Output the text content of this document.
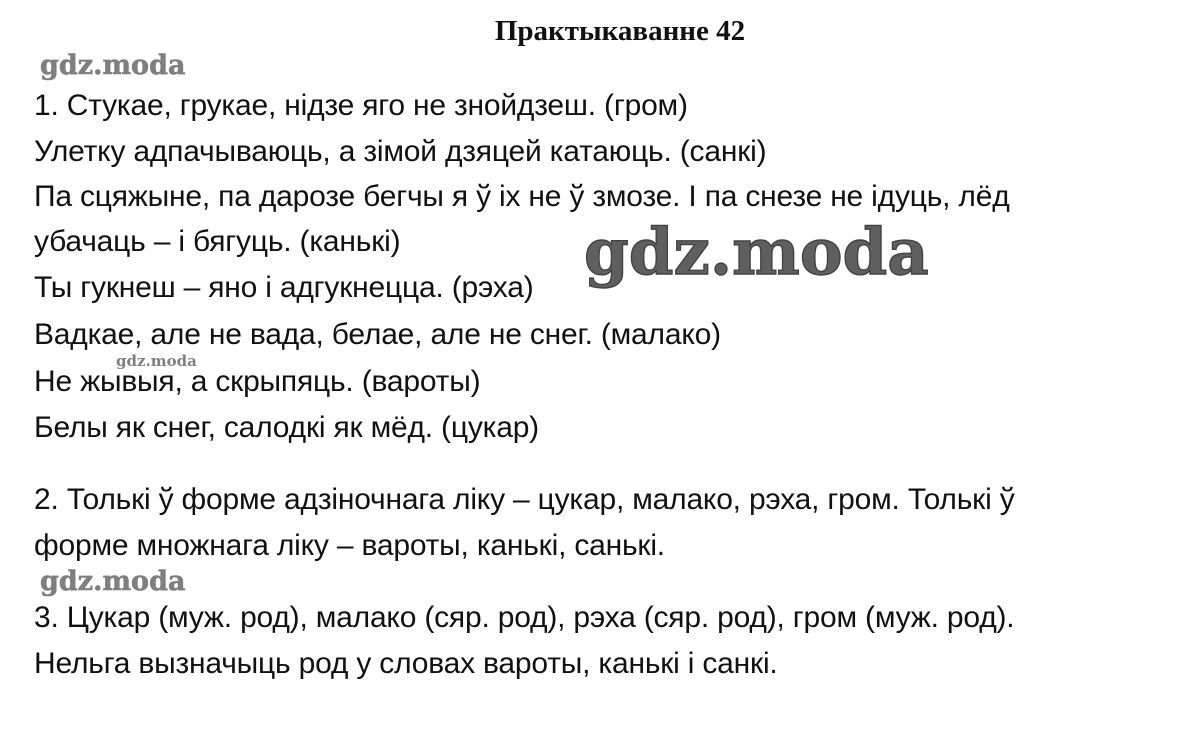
Практыкаванне 42
gdz.moda
1. Стукае, грукае, нідзе яго не знойдзеш. (гром)
Улетку адпачываюць, а зімой дзяцей катаюць. (санкі)
Па сцяжыне, па дарозе бегчы я ў іх не ў змозе. І па снезе не ідуць, лёд
убачаць – і бягуць. (канькі)
Ты гукнеш – яно і адгукнецца. (рэха)
Вадкае, але не вада, белае, але не снег. (малако)
Не жывыя, а скрыпяць. (вароты)
Белы як снег, салодкі як мёд. (цукар)
gdz.moda
gdz.moda
2. Толькі ў форме адзіночнага ліку – цукар, малако, рэха, гром. Толькі ў
форме множнага ліку – вароты, канькі, санькі.
gdz.moda
3. Цукар (муж. род), малако (сяр. род), рэха (сяр. род), гром (муж. род).
Нельга вызначыць род у словах вароты, канькі і санкі.
